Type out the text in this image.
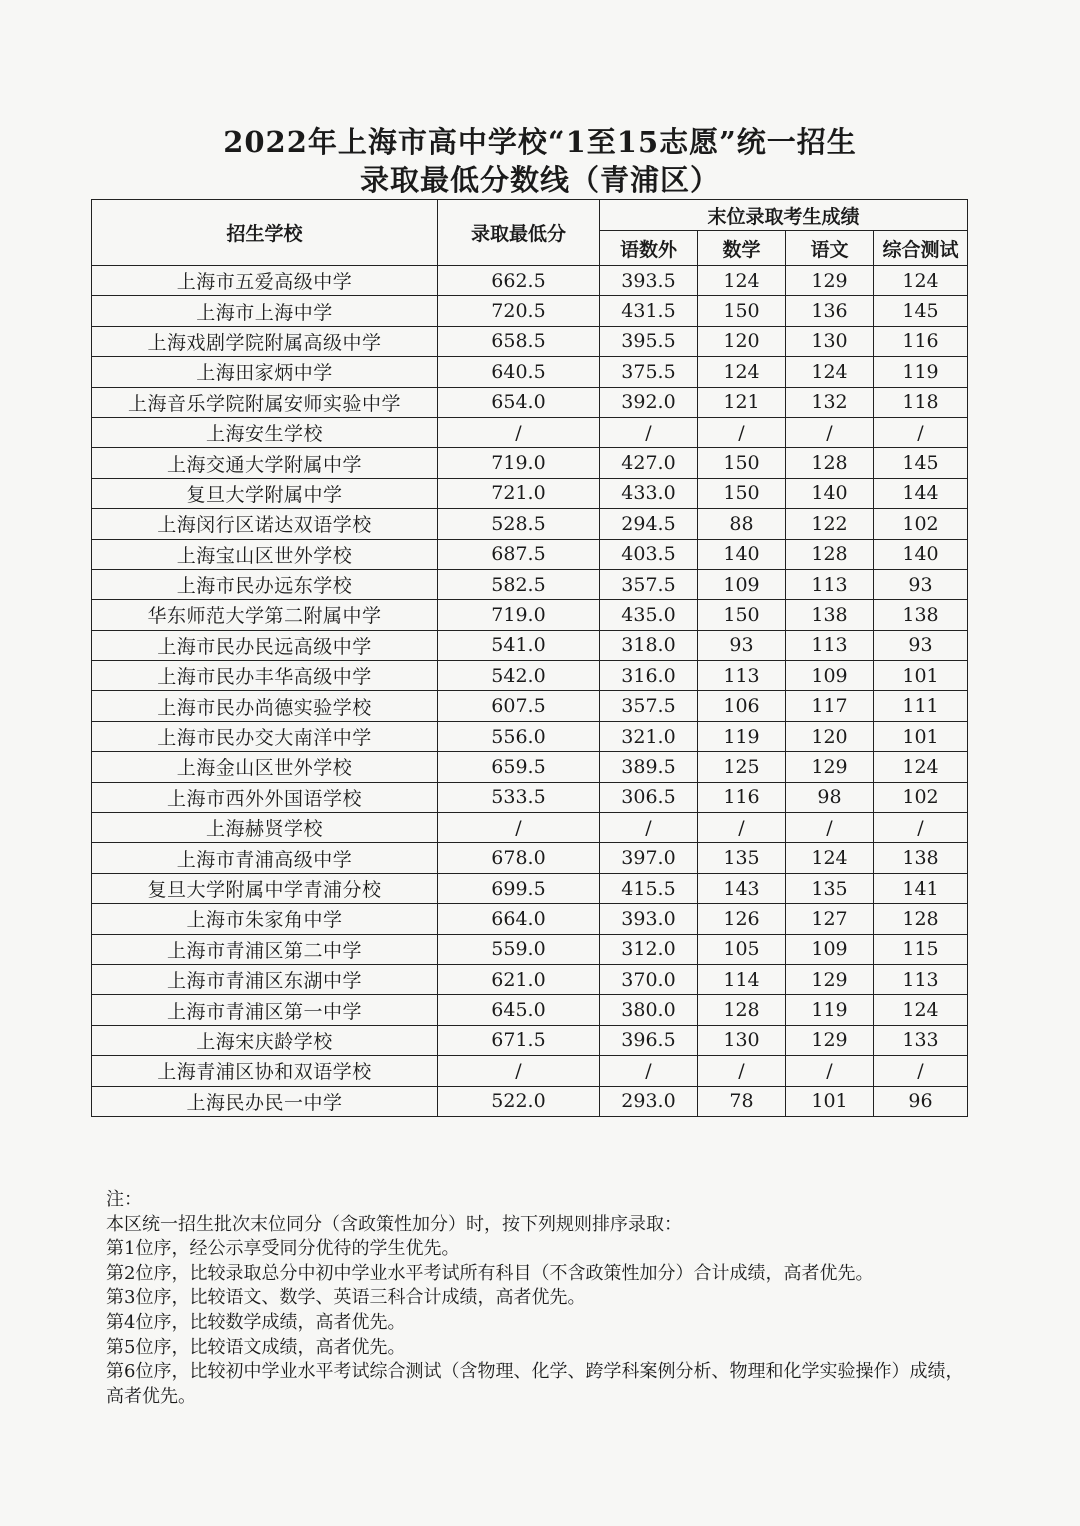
2022年上海市高中学校“1至15志愿”统一招生
录取最低分数线（青浦区）
招生学校	录取最低分	末位录取考生成绩			
		语数外	数学	语文	综合测试
上海市五爱高级中学	662.5	393.5	124	129	124
上海市上海中学	720.5	431.5	150	136	145
上海戏剧学院附属高级中学	658.5	395.5	120	130	116
上海田家炳中学	640.5	375.5	124	124	119
上海音乐学院附属安师实验中学	654.0	392.0	121	132	118
上海安生学校	/	/	/	/	/
上海交通大学附属中学	719.0	427.0	150	128	145
复旦大学附属中学	721.0	433.0	150	140	144
上海闵行区诺达双语学校	528.5	294.5	88	122	102
上海宝山区世外学校	687.5	403.5	140	128	140
上海市民办远东学校	582.5	357.5	109	113	93
华东师范大学第二附属中学	719.0	435.0	150	138	138
上海市民办民远高级中学	541.0	318.0	93	113	93
上海市民办丰华高级中学	542.0	316.0	113	109	101
上海市民办尚德实验学校	607.5	357.5	106	117	111
上海市民办交大南洋中学	556.0	321.0	119	120	101
上海金山区世外学校	659.5	389.5	125	129	124
上海市西外外国语学校	533.5	306.5	116	98	102
上海赫贤学校	/	/	/	/	/
上海市青浦高级中学	678.0	397.0	135	124	138
复旦大学附属中学青浦分校	699.5	415.5	143	135	141
上海市朱家角中学	664.0	393.0	126	127	128
上海市青浦区第二中学	559.0	312.0	105	109	115
上海市青浦区东湖中学	621.0	370.0	114	129	113
上海市青浦区第一中学	645.0	380.0	128	119	124
上海宋庆龄学校	671.5	396.5	130	129	133
上海青浦区协和双语学校	/	/	/	/	/
上海民办民一中学	522.0	293.0	78	101	96
注：
本区统一招生批次末位同分（含政策性加分）时，按下列规则排序录取：
第1位序，经公示享受同分优待的学生优先。
第2位序，比较录取总分中初中学业水平考试所有科目（不含政策性加分）合计成绩，高者优先。
第3位序，比较语文、数学、英语三科合计成绩，高者优先。
第4位序，比较数学成绩，高者优先。
第5位序，比较语文成绩，高者优先。
第6位序，比较初中学业水平考试综合测试（含物理、化学、跨学科案例分析、物理和化学实验操作）成绩，高者优先。
